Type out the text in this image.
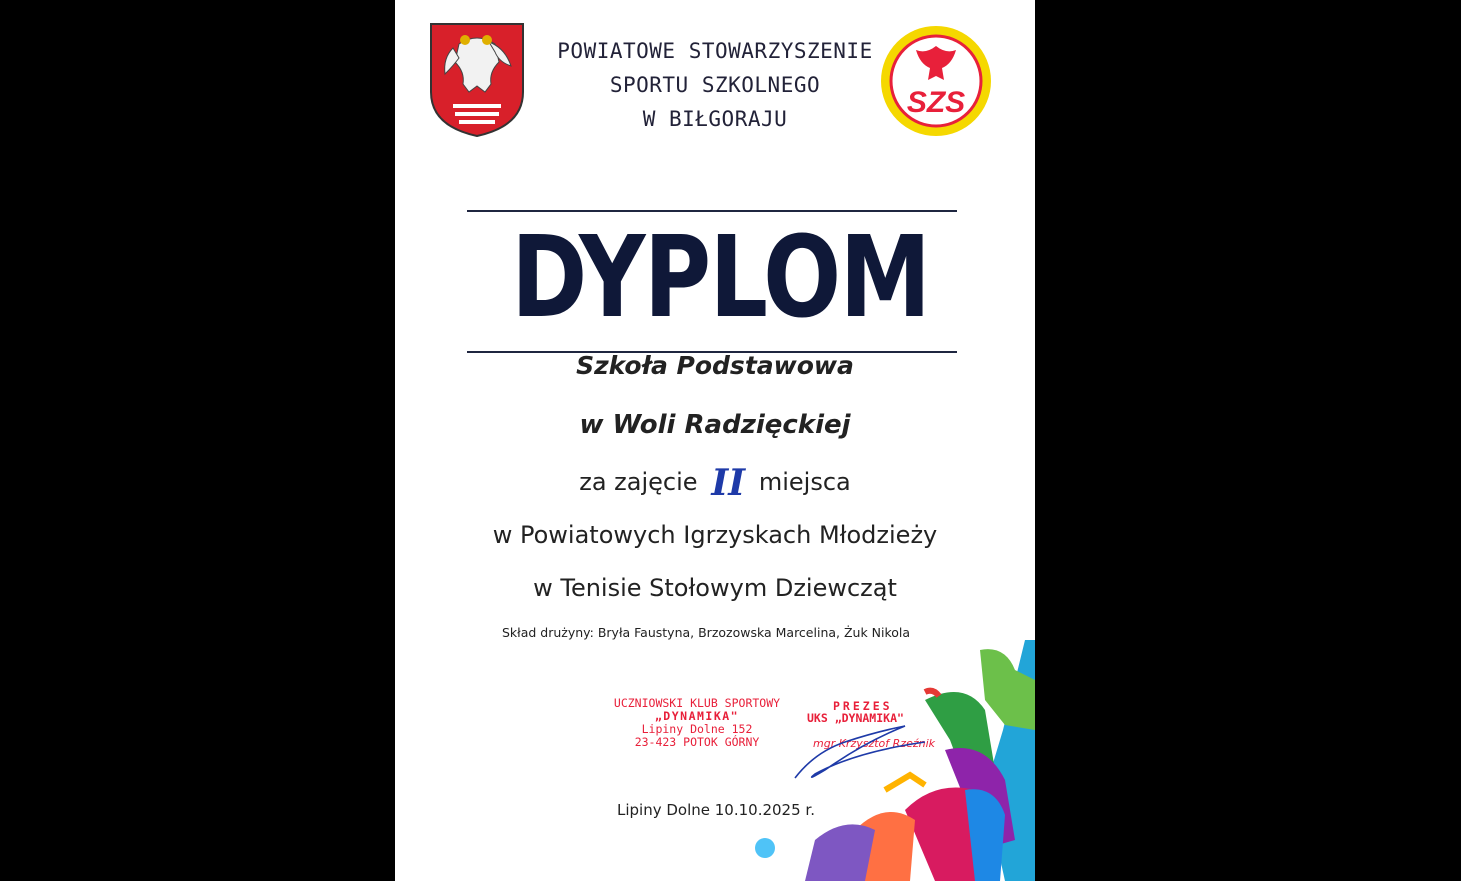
POWIATOWE STOWARZYSZENIE
SPORTU SZKOLNEGO
W BIŁGORAJU	SZS
DYPLOM
Szkoła Podstawowa
w Woli Radzięckiej
za zajęcie II miejsca
w Powiatowych Igrzyskach Młodzieży
w Tenisie Stołowym Dziewcząt
Skład drużyny: Bryła Faustyna, Brzozowska Marcelina, Żuk Nikola
UCZNIOWSKI KLUB SPORTOWY
„DYNAMIKA"
Lipiny Dolne 152
23-423 POTOK GÓRNY
PREZES
UKS „DYNAMIKA"
mgr Krzysztof Rzeźnik
Lipiny Dolne 10.10.2025 r.
